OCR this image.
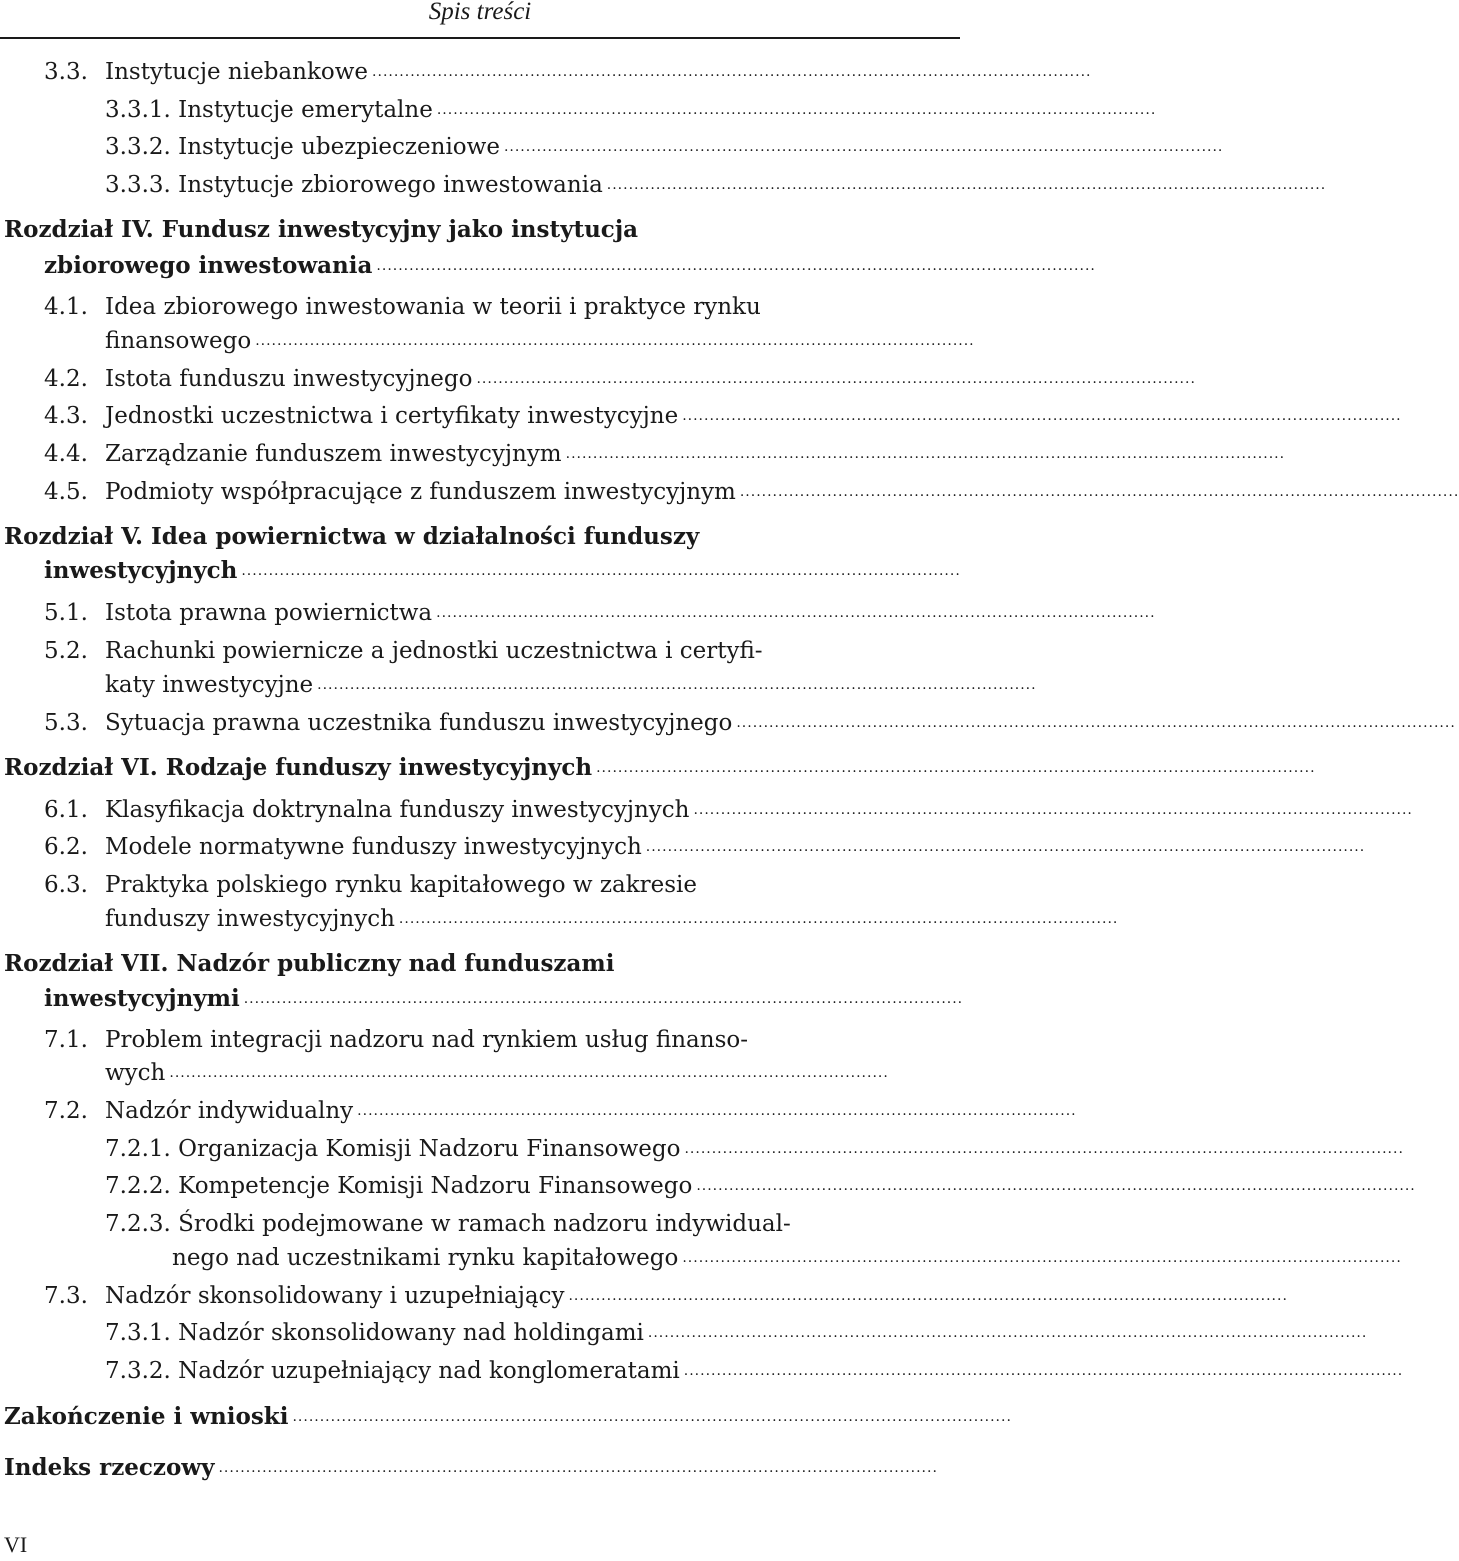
Spis treści
3.3. Instytucje niebankowe ....................................................................................................................................
3.3.1. Instytucje emerytalne ....................................................................................................................................
3.3.2. Instytucje ubezpieczeniowe ....................................................................................................................................
3.3.3. Instytucje zbiorowego inwestowania ....................................................................................................................................
Rozdział IV. Fundusz inwestycyjny jako instytucja
zbiorowego inwestowania ....................................................................................................................................
4.1. Idea zbiorowego inwestowania w teorii i praktyce rynku
finansowego ....................................................................................................................................
4.2. Istota funduszu inwestycyjnego ....................................................................................................................................
4.3. Jednostki uczestnictwa i certyfikaty inwestycyjne ....................................................................................................................................
4.4. Zarządzanie funduszem inwestycyjnym ....................................................................................................................................
4.5. Podmioty współpracujące z funduszem inwestycyjnym ....................................................................................................................................
Rozdział V. Idea powiernictwa w działalności funduszy
inwestycyjnych ....................................................................................................................................
5.1. Istota prawna powiernictwa ....................................................................................................................................
5.2. Rachunki powiernicze a jednostki uczestnictwa i certyfi-
katy inwestycyjne ....................................................................................................................................
5.3. Sytuacja prawna uczestnika funduszu inwestycyjnego ....................................................................................................................................
Rozdział VI. Rodzaje funduszy inwestycyjnych ....................................................................................................................................
6.1. Klasyfikacja doktrynalna funduszy inwestycyjnych ....................................................................................................................................
6.2. Modele normatywne funduszy inwestycyjnych ....................................................................................................................................
6.3. Praktyka polskiego rynku kapitałowego w zakresie
funduszy inwestycyjnych ....................................................................................................................................
Rozdział VII. Nadzór publiczny nad funduszami
inwestycyjnymi ....................................................................................................................................
7.1. Problem integracji nadzoru nad rynkiem usług finanso-
wych ....................................................................................................................................
7.2. Nadzór indywidualny ....................................................................................................................................
7.2.1. Organizacja Komisji Nadzoru Finansowego ....................................................................................................................................
7.2.2. Kompetencje Komisji Nadzoru Finansowego ....................................................................................................................................
7.2.3. Środki podejmowane w ramach nadzoru indywidual-
nego nad uczestnikami rynku kapitałowego ....................................................................................................................................
7.3. Nadzór skonsolidowany i uzupełniający ....................................................................................................................................
7.3.1. Nadzór skonsolidowany nad holdingami ....................................................................................................................................
7.3.2. Nadzór uzupełniający nad konglomeratami ....................................................................................................................................
Zakończenie i wnioski ....................................................................................................................................
Indeks rzeczowy ....................................................................................................................................
VI
